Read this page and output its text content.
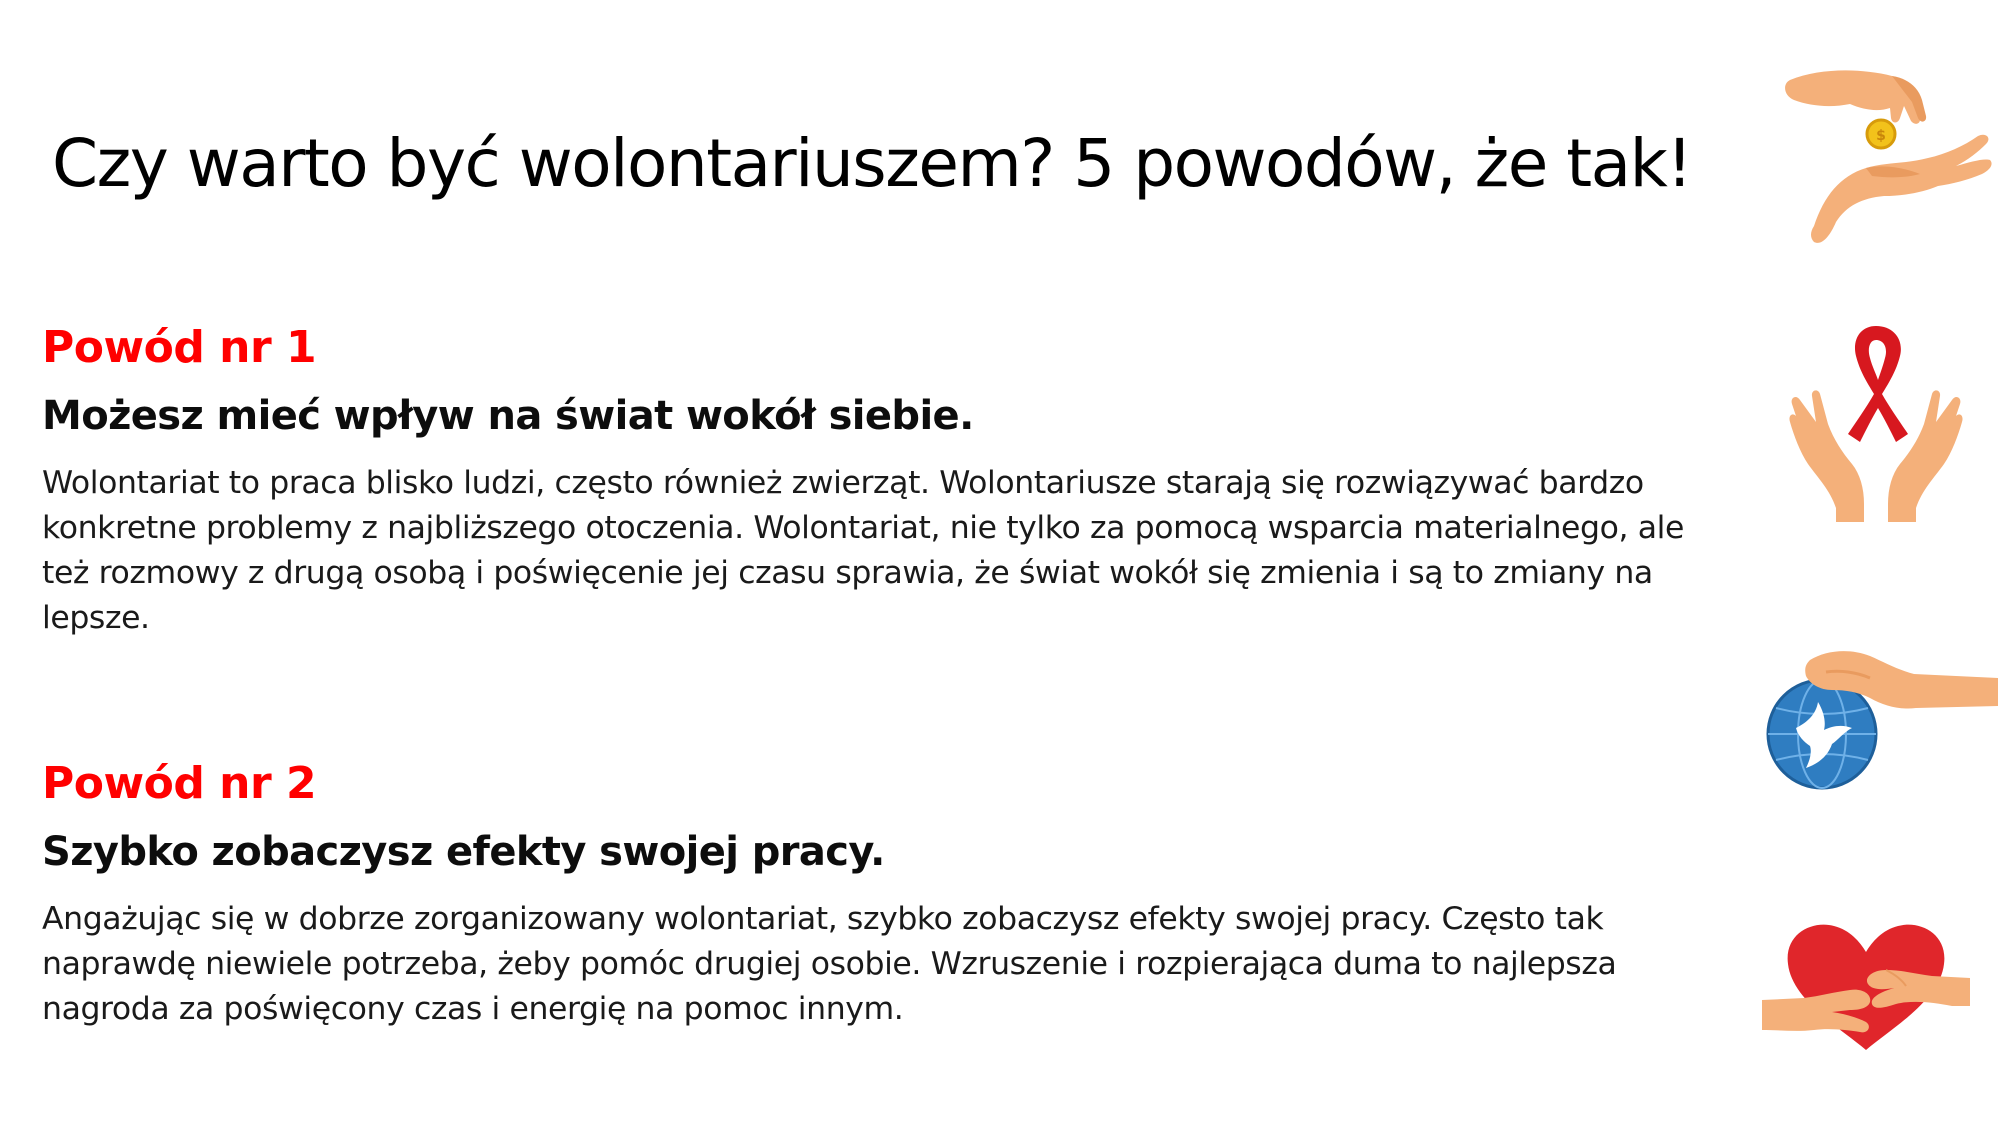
Czy warto być wolontariuszem? 5 powodów, że tak!
Powód nr 1
Możesz mieć wpływ na świat wokół siebie.

Wolontariat to praca blisko ludzi, często również zwierząt. Wolontariusze starają się rozwiązywać bardzo konkretne problemy z najbliższego otoczenia. Wolontariat, nie tylko za pomocą wsparcia materialnego, ale też rozmowy z drugą osobą i poświęcenie jej czasu sprawia, że świat wokół się zmienia i są to zmiany na lepsze.

Powód nr 2
Szybko zobaczysz efekty swojej pracy.

Angażując się w dobrze zorganizowany wolontariat, szybko zobaczysz efekty swojej pracy. Często tak naprawdę niewiele potrzeba, żeby pomóc drugiej osobie. Wzruszenie i rozpierająca duma to najlepsza nagroda za poświęcony czas i energię na pomoc innym.

$
